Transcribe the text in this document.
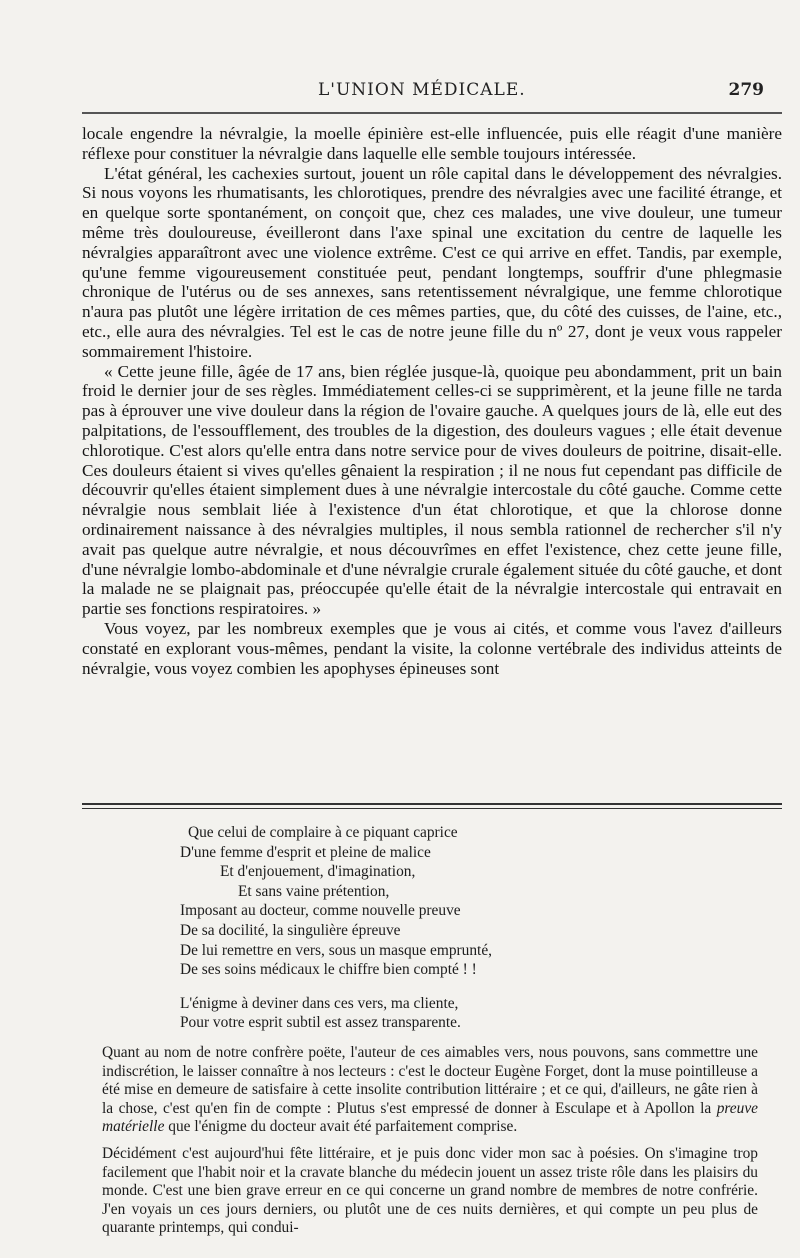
L'UNION MÉDICALE.	279

locale engendre la névralgie, la moelle épinière est-elle influencée, puis elle réagit d'une manière réflexe pour constituer la névralgie dans laquelle elle semble toujours intéressée.

L'état général, les cachexies surtout, jouent un rôle capital dans le développement des névralgies. Si nous voyons les rhumatisants, les chlorotiques, prendre des névralgies avec une facilité étrange, et en quelque sorte spontanément, on conçoit que, chez ces malades, une vive douleur, une tumeur même très douloureuse, éveilleront dans l'axe spinal une excitation du centre de laquelle les névralgies apparaîtront avec une violence extrême. C'est ce qui arrive en effet. Tandis, par exemple, qu'une femme vigoureusement constituée peut, pendant longtemps, souffrir d'une phlegmasie chronique de l'utérus ou de ses annexes, sans retentissement névralgique, une femme chlorotique n'aura pas plutôt une légère irritation de ces mêmes parties, que, du côté des cuisses, de l'aine, etc., etc., elle aura des névralgies. Tel est le cas de notre jeune fille du nº 27, dont je veux vous rappeler sommairement l'histoire.

« Cette jeune fille, âgée de 17 ans, bien réglée jusque-là, quoique peu abondamment, prit un bain froid le dernier jour de ses règles. Immédiatement celles-ci se supprimèrent, et la jeune fille ne tarda pas à éprouver une vive douleur dans la région de l'ovaire gauche. A quelques jours de là, elle eut des palpitations, de l'essoufflement, des troubles de la digestion, des douleurs vagues ; elle était devenue chlorotique. C'est alors qu'elle entra dans notre service pour de vives douleurs de poitrine, disait-elle. Ces douleurs étaient si vives qu'elles gênaient la respiration ; il ne nous fut cependant pas difficile de découvrir qu'elles étaient simplement dues à une névralgie intercostale du côté gauche. Comme cette névralgie nous semblait liée à l'existence d'un état chlorotique, et que la chlorose donne ordinairement naissance à des névralgies multiples, il nous sembla rationnel de rechercher s'il n'y avait pas quelque autre névralgie, et nous découvrîmes en effet l'existence, chez cette jeune fille, d'une névralgie lombo-abdominale et d'une névralgie crurale également située du côté gauche, et dont la malade ne se plaignait pas, préoccupée qu'elle était de la névralgie intercostale qui entravait en partie ses fonctions respiratoires. »

Vous voyez, par les nombreux exemples que je vous ai cités, et comme vous l'avez d'ailleurs constaté en explorant vous-mêmes, pendant la visite, la colonne vertébrale des individus atteints de névralgie, vous voyez combien les apophyses épineuses sont

Que celui de complaire à ce piquant caprice
D'une femme d'esprit et pleine de malice
Et d'enjouement, d'imagination,
Et sans vaine prétention,
Imposant au docteur, comme nouvelle preuve
De sa docilité, la singulière épreuve
De lui remettre en vers, sous un masque emprunté,
De ses soins médicaux le chiffre bien compté ! !
L'énigme à deviner dans ces vers, ma cliente,
Pour votre esprit subtil est assez transparente.

Quant au nom de notre confrère poëte, l'auteur de ces aimables vers, nous pouvons, sans commettre une indiscrétion, le laisser connaître à nos lecteurs : c'est le docteur Eugène Forget, dont la muse pointilleuse a été mise en demeure de satisfaire à cette insolite contribution littéraire ; et ce qui, d'ailleurs, ne gâte rien à la chose, c'est qu'en fin de compte : Plutus s'est empressé de donner à Esculape et à Apollon la preuve matérielle que l'énigme du docteur avait été parfaitement comprise.

Décidément c'est aujourd'hui fête littéraire, et je puis donc vider mon sac à poésies. On s'imagine trop facilement que l'habit noir et la cravate blanche du médecin jouent un assez triste rôle dans les plaisirs du monde. C'est une bien grave erreur en ce qui concerne un grand nombre de membres de notre confrérie. J'en voyais un ces jours derniers, ou plutôt une de ces nuits dernières, et qui compte un peu plus de quarante printemps, qui condui-
